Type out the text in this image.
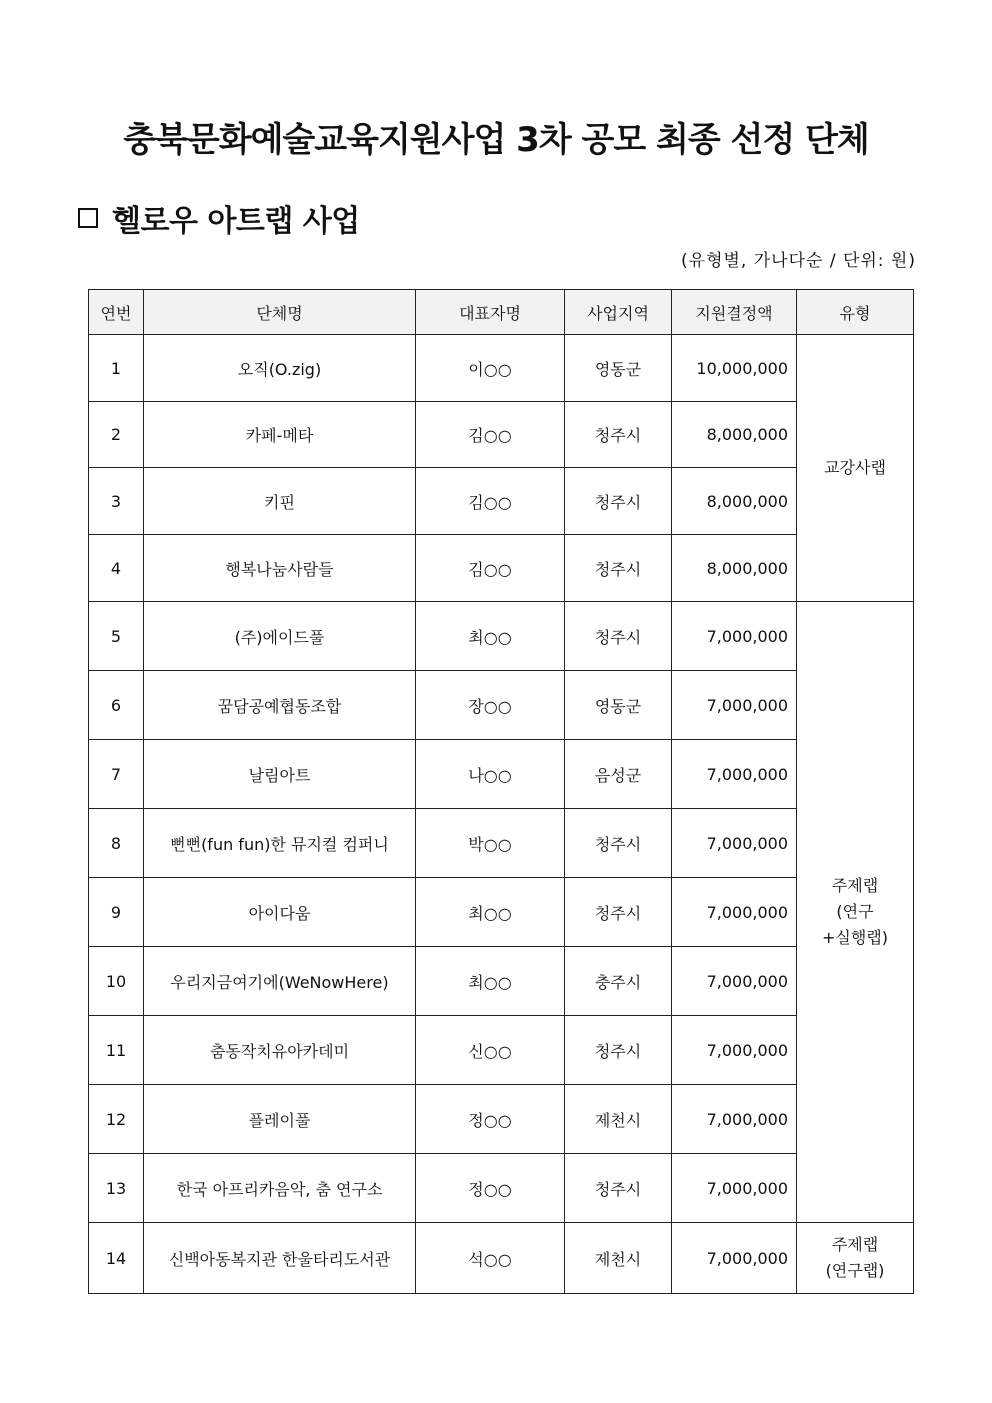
충북문화예술교육지원사업 3차 공모 최종 선정 단체
헬로우 아트랩 사업
(유형별, 가나다순 / 단위: 원)
연번	단체명	대표자명	사업지역	지원결정액	유형
1	오직(O.zig)	이○○	영동군	10,000,000	교강사랩

2	카페-메타	김○○	청주시	8,000,000	
3	키핀	김○○	청주시	8,000,000	
4	행복나눔사람들	김○○	청주시	8,000,000	
5	(주)에이드풀	최○○	청주시	7,000,000	주제랩
(연구
+실행랩)

6	꿈담공예협동조합	장○○	영동군	7,000,000	
7	날림아트	나○○	음성군	7,000,000	
8	뻔뻔(fun fun)한 뮤지컬 컴퍼니	박○○	청주시	7,000,000	
9	아이다움	최○○	청주시	7,000,000	
10	우리지금여기에(WeNowHere)	최○○	충주시	7,000,000	
11	춤동작치유아카데미	신○○	청주시	7,000,000	
12	플레이풀	정○○	제천시	7,000,000	
13	한국 아프리카음악, 춤 연구소	정○○	청주시	7,000,000	
14	신백아동복지관 한울타리도서관	석○○	제천시	7,000,000	주제랩
(연구랩)
